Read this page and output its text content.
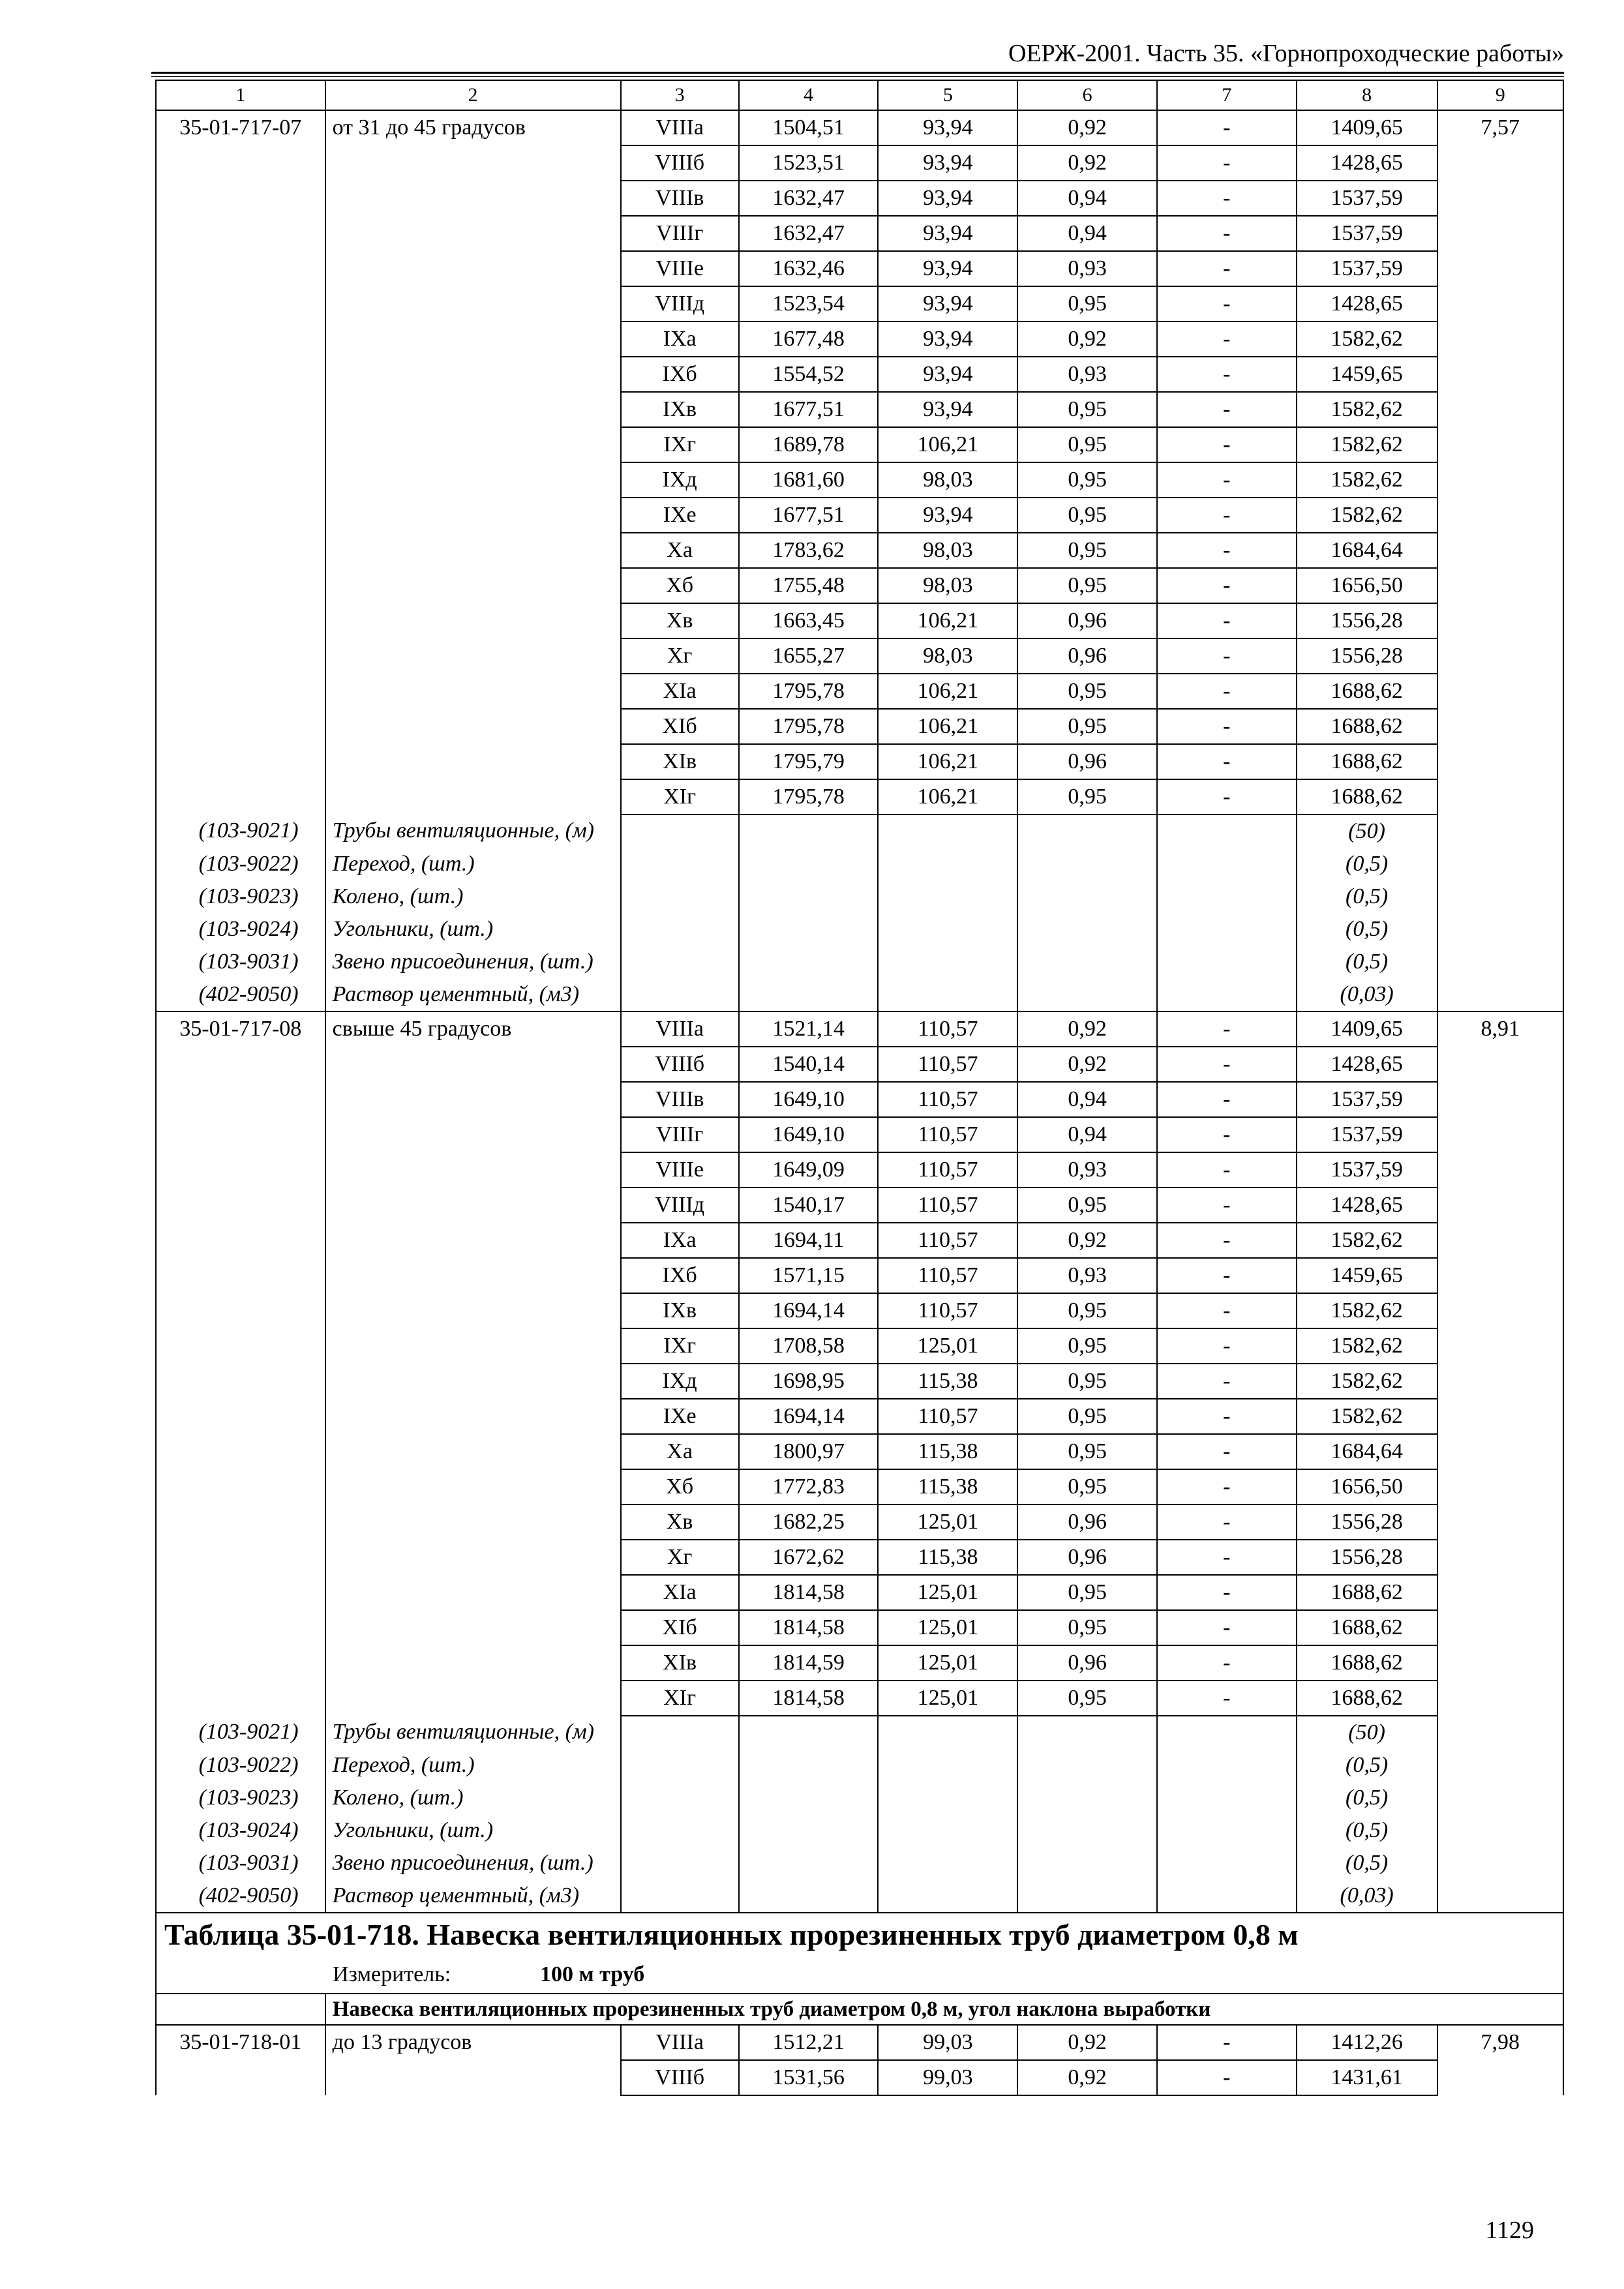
ОЕРЖ-2001. Часть 35. «Горнопроходческие работы»
1	2	3	4	5	6	7	8	9
35-01-717-07	от 31 до 45 градусов	VIIIа	1504,51	93,94	0,92	-	1409,65	7,57
		VIIIб	1523,51	93,94	0,92	-	1428,65	
		VIIIв	1632,47	93,94	0,94	-	1537,59	
		VIIIг	1632,47	93,94	0,94	-	1537,59	
		VIIIе	1632,46	93,94	0,93	-	1537,59	
		VIIIд	1523,54	93,94	0,95	-	1428,65	
		IXа	1677,48	93,94	0,92	-	1582,62	
		IXб	1554,52	93,94	0,93	-	1459,65	
		IXв	1677,51	93,94	0,95	-	1582,62	
		IXг	1689,78	106,21	0,95	-	1582,62	
		IXд	1681,60	98,03	0,95	-	1582,62	
		IXе	1677,51	93,94	0,95	-	1582,62	
		Xа	1783,62	98,03	0,95	-	1684,64	
		Xб	1755,48	98,03	0,95	-	1656,50	
		Xв	1663,45	106,21	0,96	-	1556,28	
		Xг	1655,27	98,03	0,96	-	1556,28	
		XIа	1795,78	106,21	0,95	-	1688,62	
		XIб	1795,78	106,21	0,95	-	1688,62	
		XIв	1795,79	106,21	0,96	-	1688,62	
		XIг	1795,78	106,21	0,95	-	1688,62	
(103-9021)	Трубы вентиляционные, (м)						(50)	
(103-9022)	Переход, (шт.)						(0,5)	
(103-9023)	Колено, (шт.)						(0,5)	
(103-9024)	Угольники, (шт.)						(0,5)	
(103-9031)	Звено присоединения, (шт.)						(0,5)	
(402-9050)	Раствор цементный, (м3)						(0,03)	
35-01-717-08	свыше 45 градусов	VIIIа	1521,14	110,57	0,92	-	1409,65	8,91
		VIIIб	1540,14	110,57	0,92	-	1428,65	
		VIIIв	1649,10	110,57	0,94	-	1537,59	
		VIIIг	1649,10	110,57	0,94	-	1537,59	
		VIIIе	1649,09	110,57	0,93	-	1537,59	
		VIIIд	1540,17	110,57	0,95	-	1428,65	
		IXа	1694,11	110,57	0,92	-	1582,62	
		IXб	1571,15	110,57	0,93	-	1459,65	
		IXв	1694,14	110,57	0,95	-	1582,62	
		IXг	1708,58	125,01	0,95	-	1582,62	
		IXд	1698,95	115,38	0,95	-	1582,62	
		IXе	1694,14	110,57	0,95	-	1582,62	
		Xа	1800,97	115,38	0,95	-	1684,64	
		Xб	1772,83	115,38	0,95	-	1656,50	
		Xв	1682,25	125,01	0,96	-	1556,28	
		Xг	1672,62	115,38	0,96	-	1556,28	
		XIа	1814,58	125,01	0,95	-	1688,62	
		XIб	1814,58	125,01	0,95	-	1688,62	
		XIв	1814,59	125,01	0,96	-	1688,62	
		XIг	1814,58	125,01	0,95	-	1688,62	
(103-9021)	Трубы вентиляционные, (м)						(50)	
(103-9022)	Переход, (шт.)						(0,5)	
(103-9023)	Колено, (шт.)						(0,5)	
(103-9024)	Угольники, (шт.)						(0,5)	
(103-9031)	Звено присоединения, (шт.)						(0,5)	
(402-9050)	Раствор цементный, (м3)						(0,03)	
Таблица 35-01-718. Навеска вентиляционных прорезиненных труб диаметром 0,8 м								
Измеритель: 100 м труб								
	Навеска вентиляционных прорезиненных труб диаметром 0,8 м, угол наклона выработки							
35-01-718-01	до 13 градусов	VIIIа	1512,21	99,03	0,92	-	1412,26	7,98
		VIIIб	1531,56	99,03	0,92	-	1431,61	
1129
